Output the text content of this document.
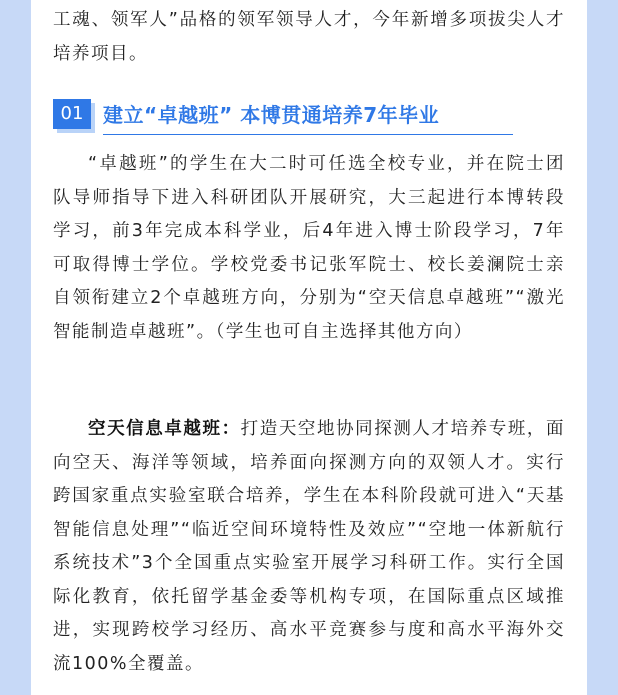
工魂、领军人”品格的领军领导人才，今年新增多项拔尖人才培养项目。

01 建立“卓越班” 本博贯通培养7年毕业

“卓越班”的学生在大二时可任选全校专业，并在院士团队导师指导下进入科研团队开展研究，大三起进行本博转段学习，前3年完成本科学业，后4年进入博士阶段学习，7年可取得博士学位。学校党委书记张军院士、校长姜澜院士亲自领衔建立2个卓越班方向，分别为“空天信息卓越班”“激光智能制造卓越班”。（学生也可自主选择其他方向）

空天信息卓越班：打造天空地协同探测人才培养专班，面向空天、海洋等领域，培养面向探测方向的双领人才。实行跨国家重点实验室联合培养，学生在本科阶段就可进入“天基智能信息处理”“临近空间环境特性及效应”“空地一体新航行系统技术”3个全国重点实验室开展学习科研工作。实行全国际化教育，依托留学基金委等机构专项，在国际重点区域推进，实现跨校学习经历、高水平竞赛参与度和高水平海外交流100%全覆盖。
